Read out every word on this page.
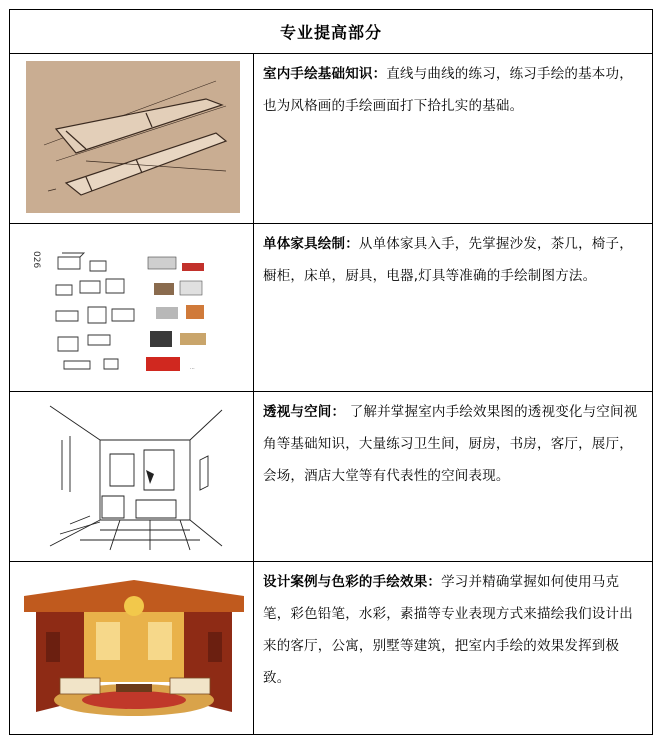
专业提高部分

室内手绘基础知识：直线与曲线的练习，练习手绘的基本功，也为风格画的手绘画面打下拾扎实的基础。

026
...

单体家具绘制：从单体家具入手，先掌握沙发，茶几，椅子，橱柜，床单，厨具，电器,灯具等准确的手绘制图方法。

透视与空间： 了解并掌握室内手绘效果图的透视变化与空间视角等基础知识，大量练习卫生间，厨房，书房，客厅，展厅，会场，酒店大堂等有代表性的空间表现。

设计案例与色彩的手绘效果：学习并精确掌握如何使用马克笔，彩色铅笔，水彩，素描等专业表现方式来描绘我们设计出来的客厅，公寓，别墅等建筑，把室内手绘的效果发挥到极致。
